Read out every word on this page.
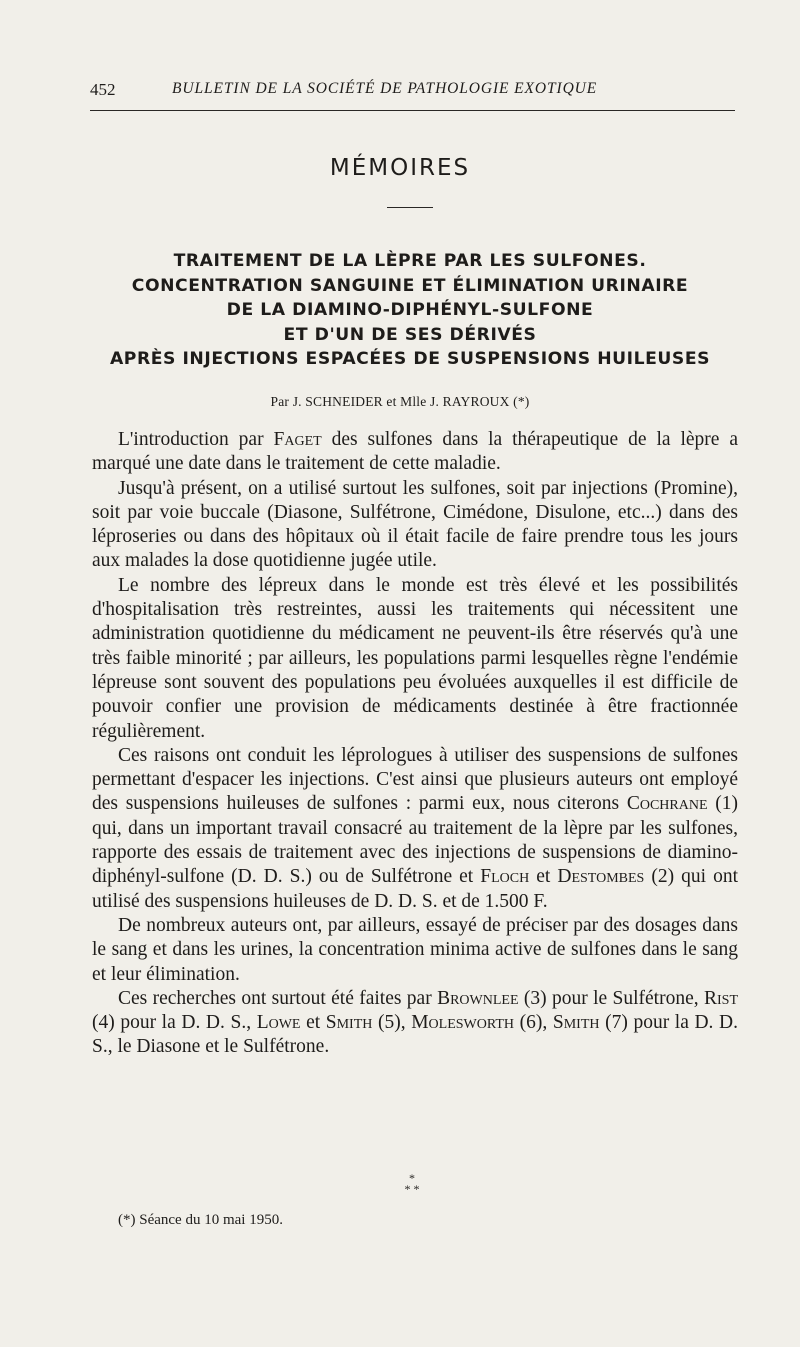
452	BULLETIN DE LA SOCIÉTÉ DE PATHOLOGIE EXOTIQUE
MÉMOIRES
TRAITEMENT DE LA LÈPRE PAR LES SULFONES.
CONCENTRATION SANGUINE ET ÉLIMINATION URINAIRE
DE LA DIAMINO-DIPHÉNYL-SULFONE
ET D'UN DE SES DÉRIVÉS
APRÈS INJECTIONS ESPACÉES DE SUSPENSIONS HUILEUSES
Par J. SCHNEIDER et Mlle J. RAYROUX (*)

L'introduction par Faget des sulfones dans la thérapeutique de la lèpre a marqué une date dans le traitement de cette maladie.

Jusqu'à présent, on a utilisé surtout les sulfones, soit par injections (Promine), soit par voie buccale (Diasone, Sulfétrone, Cimédone, Disulone, etc...) dans des léproseries ou dans des hôpitaux où il était facile de faire prendre tous les jours aux malades la dose quotidienne jugée utile.

Le nombre des lépreux dans le monde est très élevé et les possibilités d'hospitalisation très restreintes, aussi les traitements qui nécessitent une administration quotidienne du médicament ne peuvent-ils être réservés qu'à une très faible minorité ; par ailleurs, les populations parmi lesquelles règne l'endémie lépreuse sont souvent des populations peu évoluées auxquelles il est difficile de pouvoir confier une provision de médicaments destinée à être fractionnée régulièrement.

Ces raisons ont conduit les léprologues à utiliser des suspensions de sulfones permettant d'espacer les injections. C'est ainsi que plusieurs auteurs ont employé des suspensions huileuses de sulfones : parmi eux, nous citerons Cochrane (1) qui, dans un important travail consacré au traitement de la lèpre par les sulfones, rapporte des essais de traitement avec des injections de suspensions de diamino-diphényl-sulfone (D. D. S.) ou de Sulfétrone et Floch et Destombes (2) qui ont utilisé des suspensions huileuses de D. D. S. et de 1.500 F.

De nombreux auteurs ont, par ailleurs, essayé de préciser par des dosages dans le sang et dans les urines, la concentration minima active de sulfones dans le sang et leur élimination.

Ces recherches ont surtout été faites par Brownlee (3) pour le Sulfétrone, Rist (4) pour la D. D. S., Lowe et Smith (5), Molesworth (6), Smith (7) pour la D. D. S., le Diasone et le Sulfétrone.

*
* *
(*) Séance du 10 mai 1950.
